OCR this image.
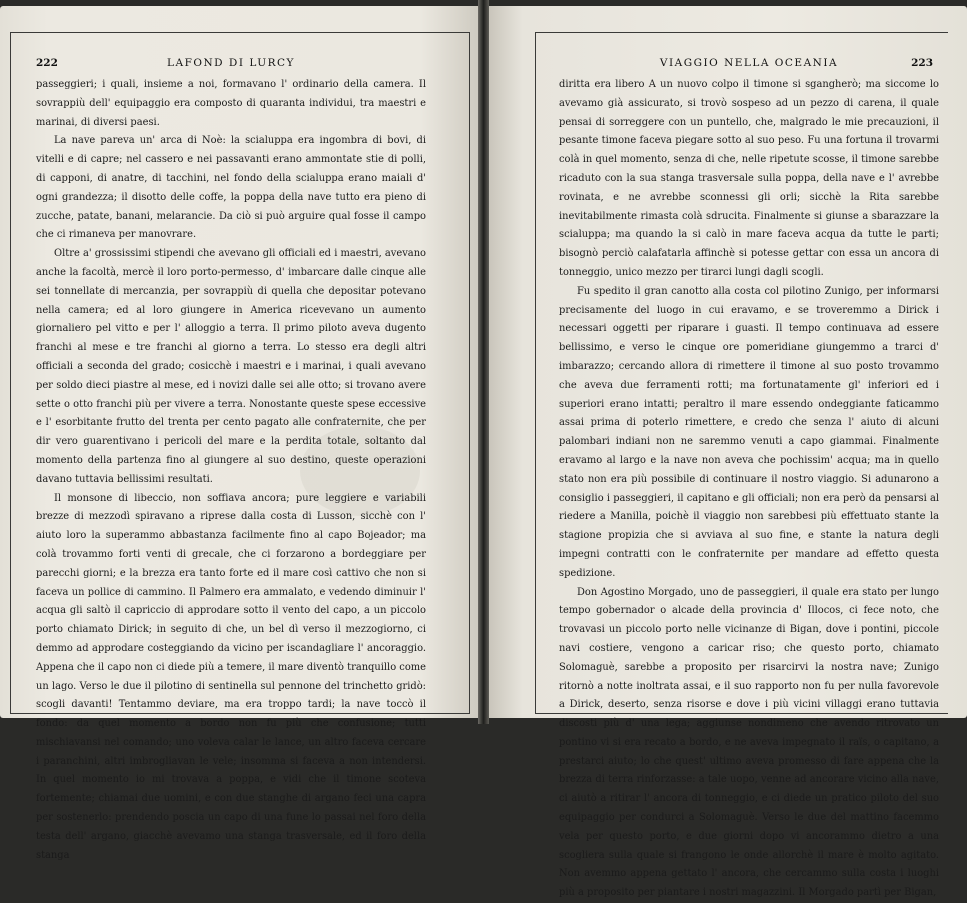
222	LAFOND DI LURCY

passeggieri; i quali, insieme a noi, formavano l' ordinario della camera. Il sovrappiù dell' equipaggio era composto di quaranta individui, tra maestri e marinai, di diversi paesi.

La nave pareva un' arca di Noè: la scialuppa era ingombra di bovi, di vitelli e di capre; nel cassero e nei passavanti erano ammontate stie di polli, di capponi, di anatre, di tacchini, nel fondo della scialuppa erano maiali d' ogni grandezza; il disotto delle coffe, la poppa della nave tutto era pieno di zucche, patate, banani, melarancie. Da ciò si può arguire qual fosse il campo che ci rimaneva per manovrare.

Oltre a' grossissimi stipendi che avevano gli officiali ed i maestri, avevano anche la facoltà, mercè il loro porto-permesso, d' imbarcare dalle cinque alle sei tonnellate di mercanzia, per sovrappiù di quella che depositar potevano nella camera; ed al loro giungere in America ricevevano un aumento giornaliero pel vitto e per l' alloggio a terra. Il primo piloto aveva dugento franchi al mese e tre franchi al giorno a terra. Lo stesso era degli altri officiali a seconda del grado; cosicchè i maestri e i marinai, i quali avevano per soldo dieci piastre al mese, ed i novizi dalle sei alle otto; si trovano avere sette o otto franchi più per vivere a terra. Nonostante queste spese eccessive e l' esorbitante frutto del trenta per cento pagato alle confraternite, che per dir vero guarentivano i pericoli del mare e la perdita totale, soltanto dal momento della partenza fino al giungere al suo destino, queste operazioni davano tuttavia bellissimi resultati.

Il monsone di libeccio, non soffiava ancora; pure leggiere e variabili brezze di mezzodì spiravano a riprese dalla costa di Lusson, sicchè con l' aiuto loro la superammo abbastanza facilmente fino al capo Bojeador; ma colà trovammo forti venti di grecale, che ci forzarono a bordeggiare per parecchi giorni; e la brezza era tanto forte ed il mare così cattivo che non si faceva un pollice di cammino. Il Palmero era ammalato, e vedendo diminuir l' acqua gli saltò il capriccio di approdare sotto il vento del capo, a un piccolo porto chiamato Dirick; in seguito di che, un bel dì verso il mezzogiorno, ci demmo ad approdare costeggiando da vicino per iscandagliare l' ancoraggio. Appena che il capo non ci diede più a temere, il mare diventò tranquillo come un lago. Verso le due il pilotino di sentinella sul pennone del trinchetto gridò: scogli davanti! Tentammo deviare, ma era troppo tardi; la nave toccò il fondo: da quel momento a bordo non fu più che confusione; tutti mischiavansi nel comando; uno voleva calar le lance, un altro faceva cercare i paranchini, altri imbrogliavan le vele; insomma si faceva a non intendersi. In quel momento io mi trovava a poppa, e vidi che il timone scoteva fortemente; chiamai due uomini, e con due stanghe di argano feci una capra per sostenerlo: prendendo poscia un capo di una fune lo passai nel foro della testa dell' argano, giacchè avevamo una stanga trasversale, ed il foro della stanga

VIAGGIO NELLA OCEANIA	223

diritta era libero A un nuovo colpo il timone si sgangherò; ma siccome lo avevamo già assicurato, si trovò sospeso ad un pezzo di carena, il quale pensai di sorreggere con un puntello, che, malgrado le mie precauzioni, il pesante timone faceva piegare sotto al suo peso. Fu una fortuna il trovarmi colà in quel momento, senza di che, nelle ripetute scosse, il timone sarebbe ricaduto con la sua stanga trasversale sulla poppa, della nave e l' avrebbe rovinata, e ne avrebbe sconnessi gli orli; sicchè la Rita sarebbe inevitabilmente rimasta colà sdrucita. Finalmente si giunse a sbarazzare la scialuppa; ma quando la si calò in mare faceva acqua da tutte le parti; bisognò perciò calafatarla affinchè si potesse gettar con essa un ancora di tonneggio, unico mezzo per tirarci lungi dagli scogli.

Fu spedito il gran canotto alla costa col pilotino Zunigo, per informarsi precisamente del luogo in cui eravamo, e se troveremmo a Dirick i necessari oggetti per riparare i guasti. Il tempo continuava ad essere bellissimo, e verso le cinque ore pomeridiane giungemmo a trarci d' imbarazzo; cercando allora di rimettere il timone al suo posto trovammo che aveva due ferramenti rotti; ma fortunatamente gl' inferiori ed i superiori erano intatti; peraltro il mare essendo ondeggiante faticammo assai prima di poterlo rimettere, e credo che senza l' aiuto di alcuni palombari indiani non ne saremmo venuti a capo giammai. Finalmente eravamo al largo e la nave non aveva che pochissim' acqua; ma in quello stato non era più possibile di continuare il nostro viaggio. Si adunarono a consiglio i passeggieri, il capitano e gli officiali; non era però da pensarsi al riedere a Manilla, poichè il viaggio non sarebbesi più effettuato stante la stagione propizia che si avviava al suo fine, e stante la natura degli impegni contratti con le confraternite per mandare ad effetto questa spedizione.

Don Agostino Morgado, uno de passeggieri, il quale era stato per lungo tempo gobernador o alcade della provincia d' Illocos, ci fece noto, che trovavasi un piccolo porto nelle vicinanze di Bigan, dove i pontini, piccole navi costiere, vengono a caricar riso; che questo porto, chiamato Solomaguè, sarebbe a proposito per risarcirvi la nostra nave; Zunigo ritornò a notte inoltrata assai, e il suo rapporto non fu per nulla favorevole a Dirick, deserto, senza risorse e dove i più vicini villaggi erano tuttavia discosti più d' una lega; aggiunse nondimeno che avendo ritrovato un pontino vi si era recato a bordo, e ne aveva impegnato il raïs, o capitano, a prestarci aiuto; lo che quest' ultimo aveva promesso di fare appena che la brezza di terra rinforzasse: a tale uopo, venne ad ancorare vicino alla nave, ci aiutò a ritirar l' ancora di tonneggio, e ci diede un pratico piloto del suo equipaggio per condurci a Solomaguè. Verso le due del mattino facemmo vela per questo porto, e due giorni dopo vi ancorammo dietro a una scogliera sulla quale si frangono le onde allorchè il mare è molto agitato. Non avemmo appena gettato l' ancora, che cercammo sulla costa i luoghi più a proposito per piantare i nostri magazzini. Il Morgado partì per Bigan,
